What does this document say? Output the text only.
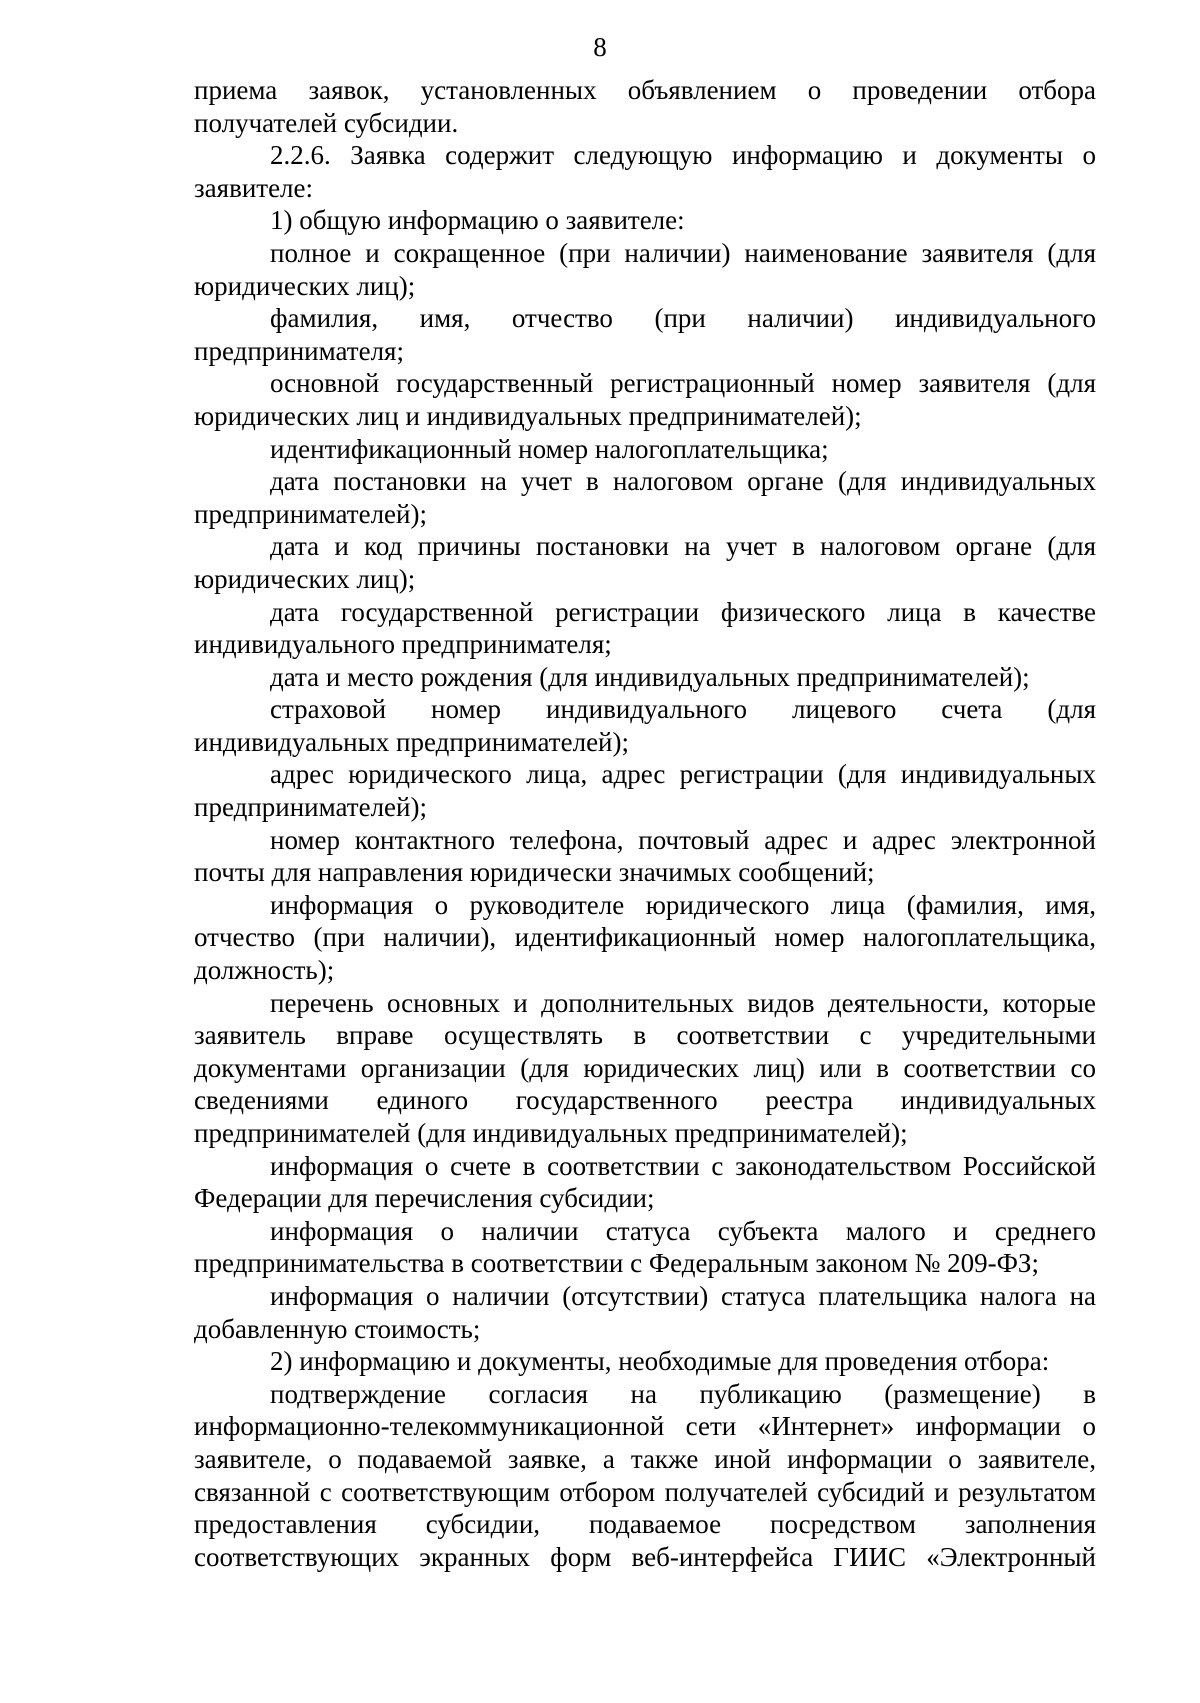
8

приема заявок, установленных объявлением о проведении отбора получателей субсидии.

2.2.6. Заявка содержит следующую информацию и документы о заявителе:

1) общую информацию о заявителе:

полное и сокращенное (при наличии) наименование заявителя (для юридических лиц);

фамилия, имя, отчество (при наличии) индивидуального предпринимателя;

основной государственный регистрационный номер заявителя (для юридических лиц и индивидуальных предпринимателей);

идентификационный номер налогоплательщика;

дата постановки на учет в налоговом органе (для индивидуальных предпринимателей);

дата и код причины постановки на учет в налоговом органе (для юридических лиц);

дата государственной регистрации физического лица в качестве индивидуального предпринимателя;

дата и место рождения (для индивидуальных предпринимателей);

страховой номер индивидуального лицевого счета (для индивидуальных предпринимателей);

адрес юридического лица, адрес регистрации (для индивидуальных предпринимателей);

номер контактного телефона, почтовый адрес и адрес электронной почты для направления юридически значимых сообщений;

информация о руководителе юридического лица (фамилия, имя, отчество (при наличии), идентификационный номер налогоплательщика, должность);

перечень основных и дополнительных видов деятельности, которые заявитель вправе осуществлять в соответствии с учредительными документами организации (для юридических лиц) или в соответствии со сведениями единого государственного реестра индивидуальных предпринимателей (для индивидуальных предпринимателей);

информация о счете в соответствии с законодательством Российской Федерации для перечисления субсидии;

информация о наличии статуса субъекта малого и среднего предпринимательства в соответствии с Федеральным законом № 209-ФЗ;

информация о наличии (отсутствии) статуса плательщика налога на добавленную стоимость;

2) информацию и документы, необходимые для проведения отбора:

подтверждение согласия на публикацию (размещение) в информационно-телекоммуникационной сети «Интернет» информации о заявителе, о подаваемой заявке, а также иной информации о заявителе, связанной с соответствующим отбором получателей субсидий и результатом предоставления субсидии, подаваемое посредством заполнения соответствующих экранных форм веб-интерфейса ГИИС «Электронный
